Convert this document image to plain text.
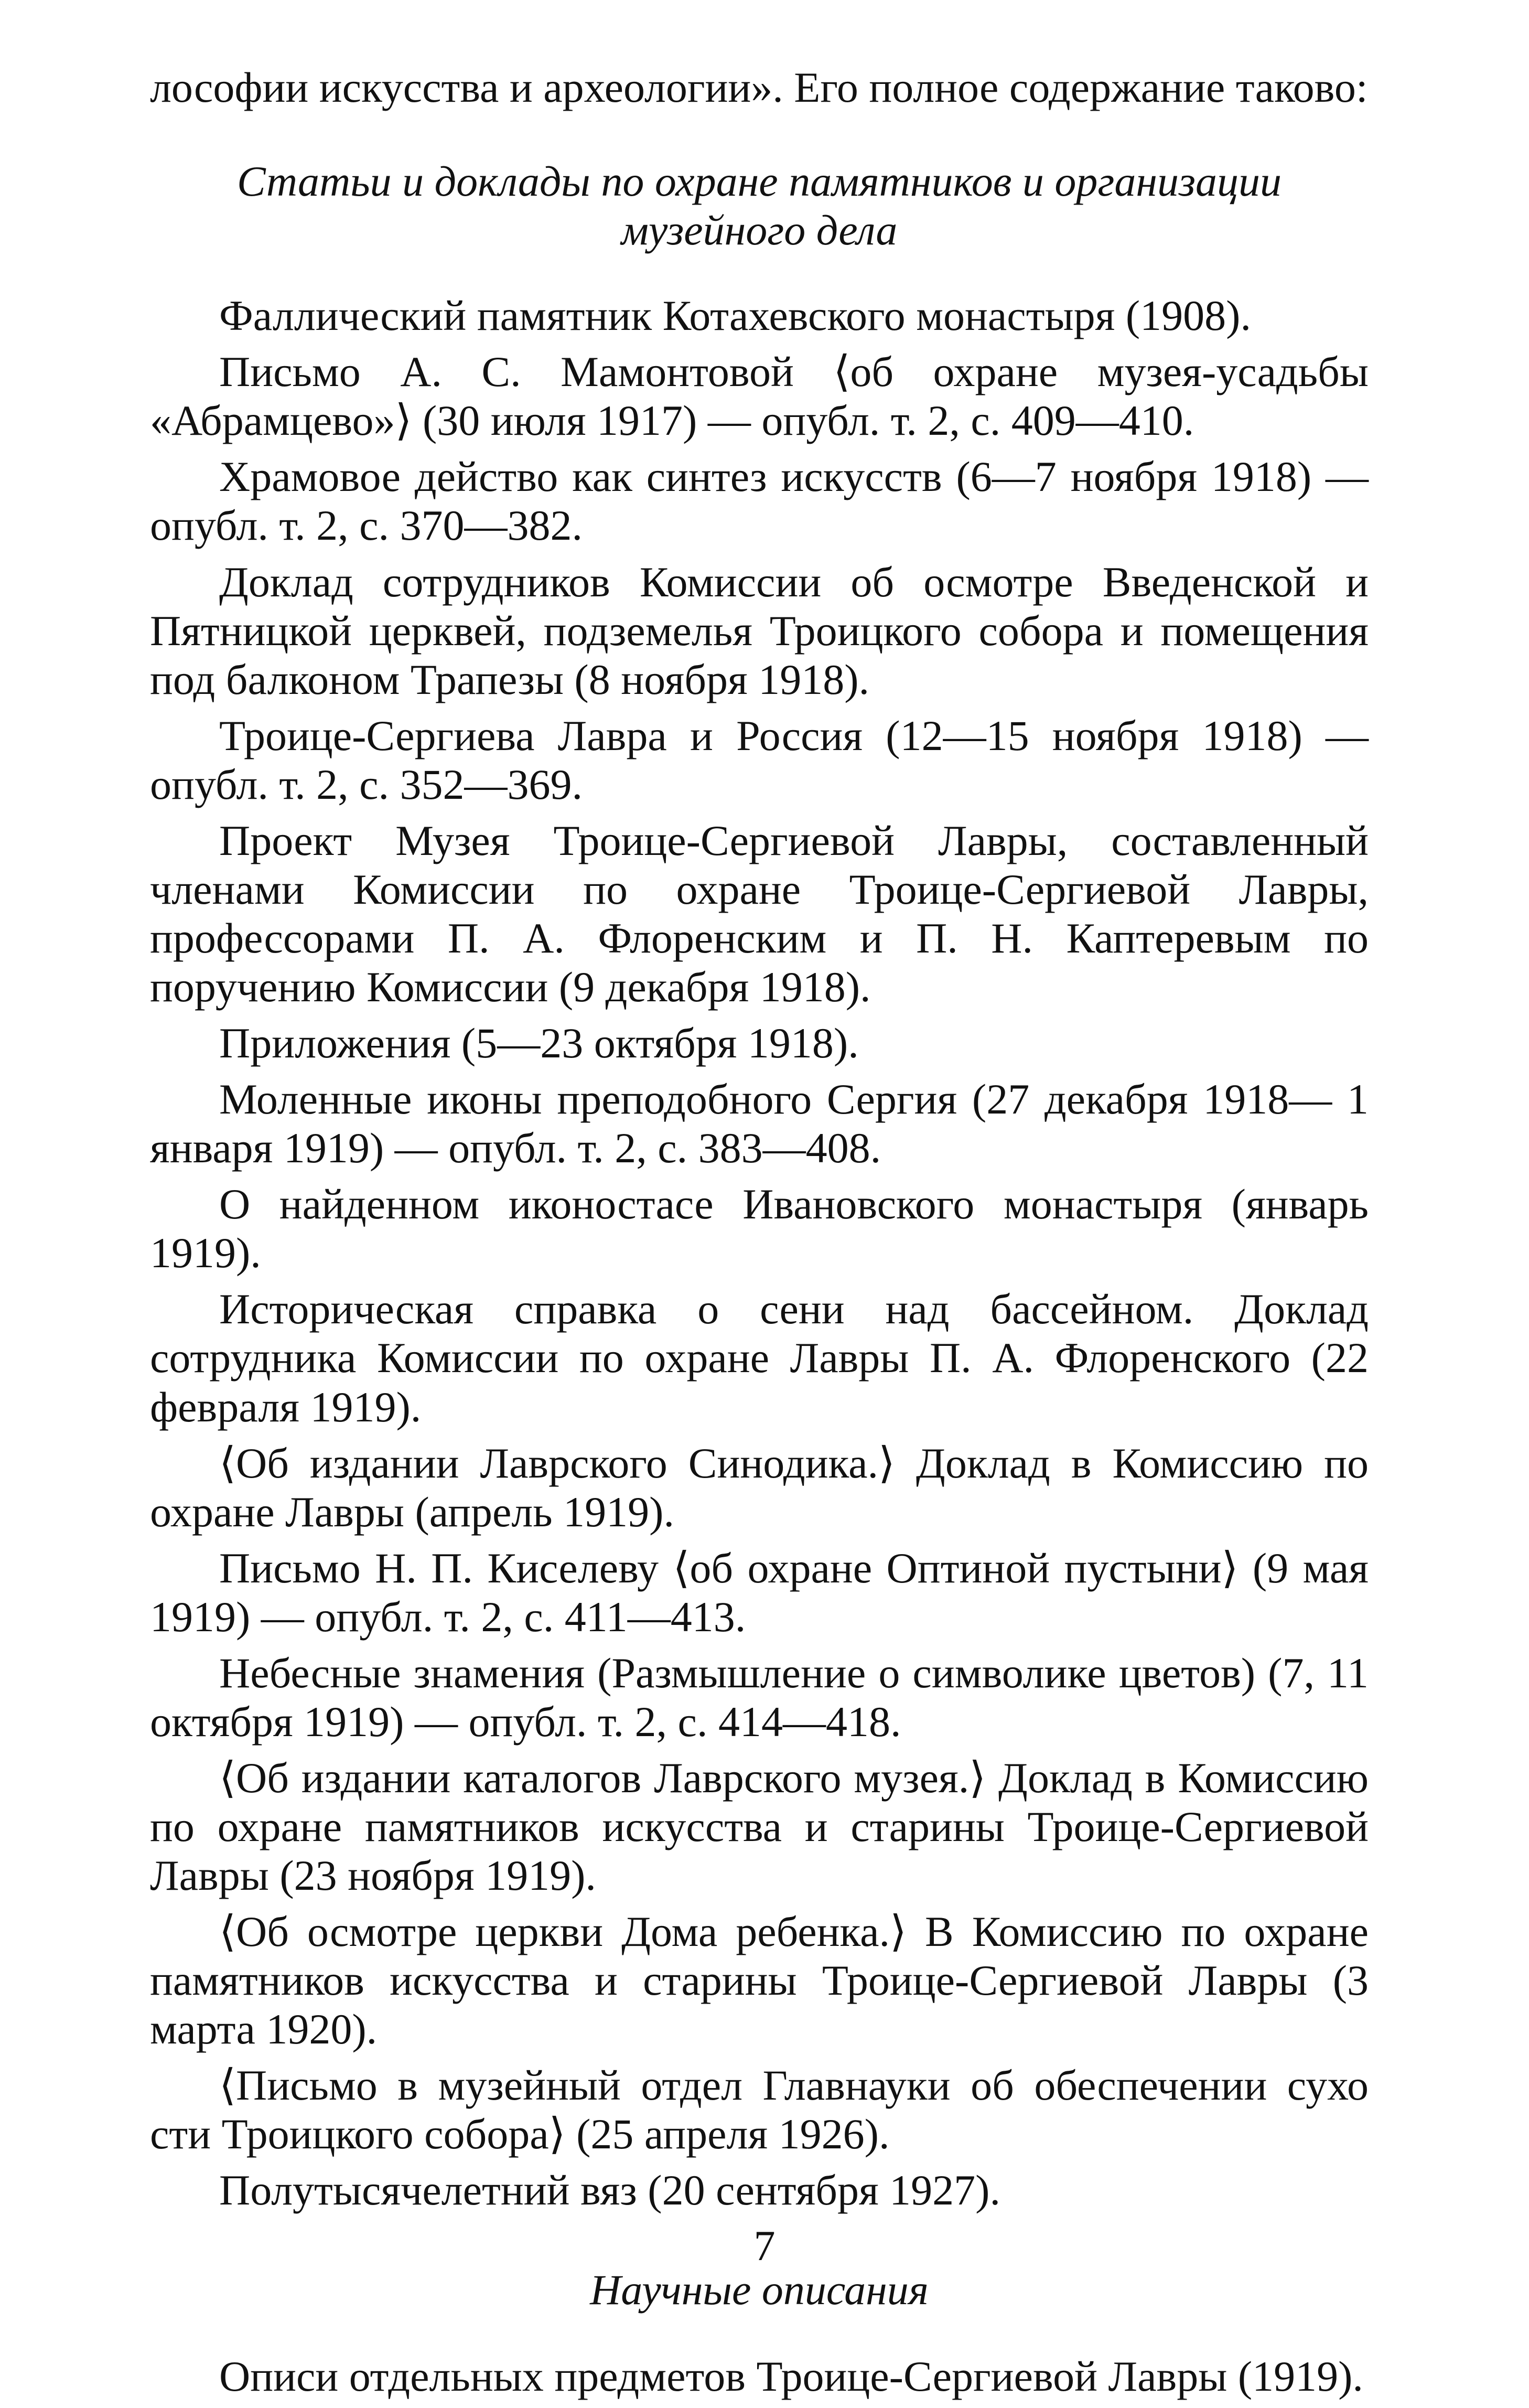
лософии искусства и археологии». Его полное содержание таково:

Статьи и доклады по охране памятников и организации музейного дела

Фаллический памятник Котахевского монастыря (1908).

Письмо А. С. Мамонтовой ⟨об охране музея-усадьбы «Абрамцево»⟩ (30 июля 1917) — опубл. т. 2, с. 409—410.

Храмовое действо как синтез искусств (6—7 ноября 1918) — опубл. т. 2, с. 370—382.

Доклад сотрудников Комиссии об осмотре Введенской и Пятницкой церквей, подземелья Троицкого собора и помещения под балконом Трапезы (8 ноября 1918).

Троице-Сергиева Лавра и Россия (12—15 ноября 1918) — опубл. т. 2, с. 352—369.

Проект Музея Троице-Сергиевой Лавры, составленный членами Комиссии по охране Троице-Сергиевой Лавры, профессорами П. А. Флоренским и П. Н. Каптеревым по поручению Комиссии (9 декабря 1918).

Приложения (5—23 октября 1918).

Моленные иконы преподобного Сергия (27 декабря 1918— 1 января 1919) — опубл. т. 2, с. 383—408.

О найденном иконостасе Ивановского монастыря (январь 1919).

Историческая справка о сени над бассейном. Доклад сотрудника Комиссии по охране Лавры П. А. Флоренского (22 февраля 1919).

⟨Об издании Лаврского Синодика.⟩ Доклад в Комиссию по охране Лавры (апрель 1919).

Письмо Н. П. Киселеву ⟨об охране Оптиной пустыни⟩ (9 мая 1919) — опубл. т. 2, с. 411—413.

Небесные знамения (Размышление о символике цветов) (7, 11 октября 1919) — опубл. т. 2, с. 414—418.

⟨Об издании каталогов Лаврского музея.⟩ Доклад в Комиссию по охране памятников искусства и старины Троице-Сергиевой Лавры (23 ноября 1919).

⟨Об осмотре церкви Дома ребенка.⟩ В Комиссию по охране памятников искусства и старины Троице-Сергиевой Лавры (3 марта 1920).

⟨Письмо в музейный отдел Главнауки об обеспечении сухо сти Троицкого собора⟩ (25 апреля 1926).

Полутысячелетний вяз (20 сентября 1927).

Научные описания

Описи отдельных предметов Троице-Сергиевой Лавры (1919).

7
